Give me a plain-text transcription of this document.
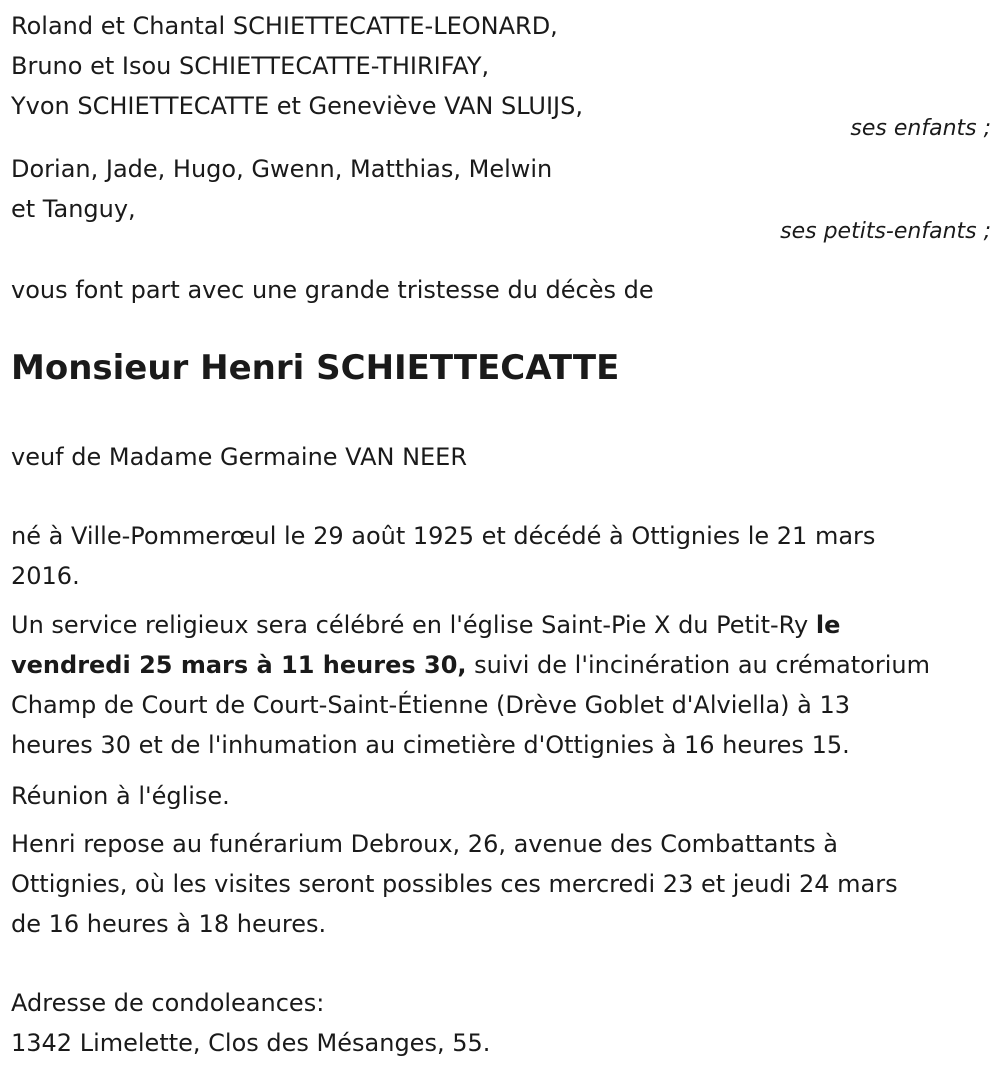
Roland et Chantal SCHIETTECATTE-LEONARD,
Bruno et Isou SCHIETTECATTE-THIRIFAY,
Yvon SCHIETTECATTE et Geneviève VAN SLUIJS,
ses enfants ;
Dorian, Jade, Hugo, Gwenn, Matthias, Melwin
et Tanguy,
ses petits-enfants ;
vous font part avec une grande tristesse du décès de
Monsieur Henri SCHIETTECATTE
veuf de Madame Germaine VAN NEER
né à Ville-Pommerœul le 29 août 1925 et décédé à Ottignies le 21 mars
2016.
Un service religieux sera célébré en l'église Saint-Pie X du Petit-Ry le
vendredi 25 mars à 11 heures 30, suivi de l'incinération au crématorium
Champ de Court de Court-Saint-Étienne (Drève Goblet d'Alviella) à 13
heures 30 et de l'inhumation au cimetière d'Ottignies à 16 heures 15.
Réunion à l'église.
Henri repose au funérarium Debroux, 26, avenue des Combattants à
Ottignies, où les visites seront possibles ces mercredi 23 et jeudi 24 mars
de 16 heures à 18 heures.
Adresse de condoleances:
1342 Limelette, Clos des Mésanges, 55.
